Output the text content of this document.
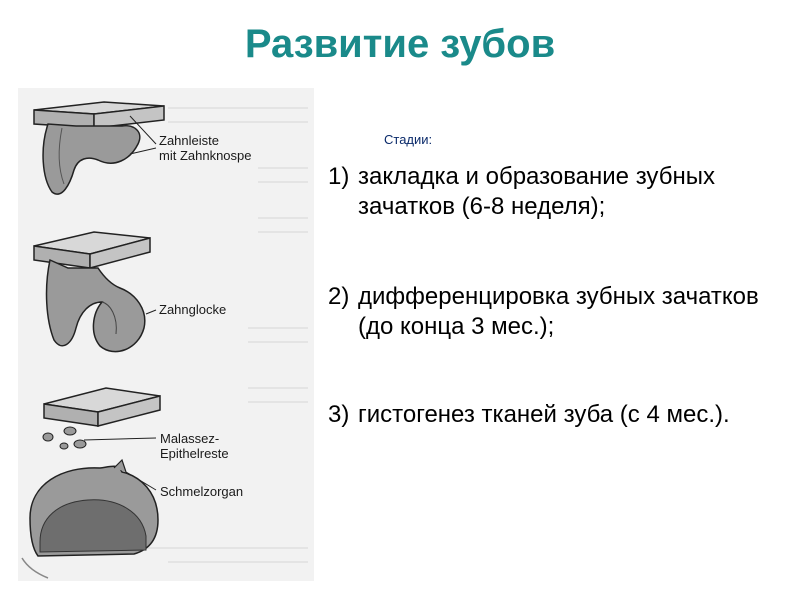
Развитие зубов
Zahnleiste
mit Zahnknospe
Zahnglocke
Malassez-
Epithelreste
Schmelzorgan
Стадии:
1) закладка и образование зубных зачатков (6-8 неделя);
2) дифференцировка зубных зачатков (до конца 3 мес.);
3) гистогенез тканей зуба (с 4 мес.).
